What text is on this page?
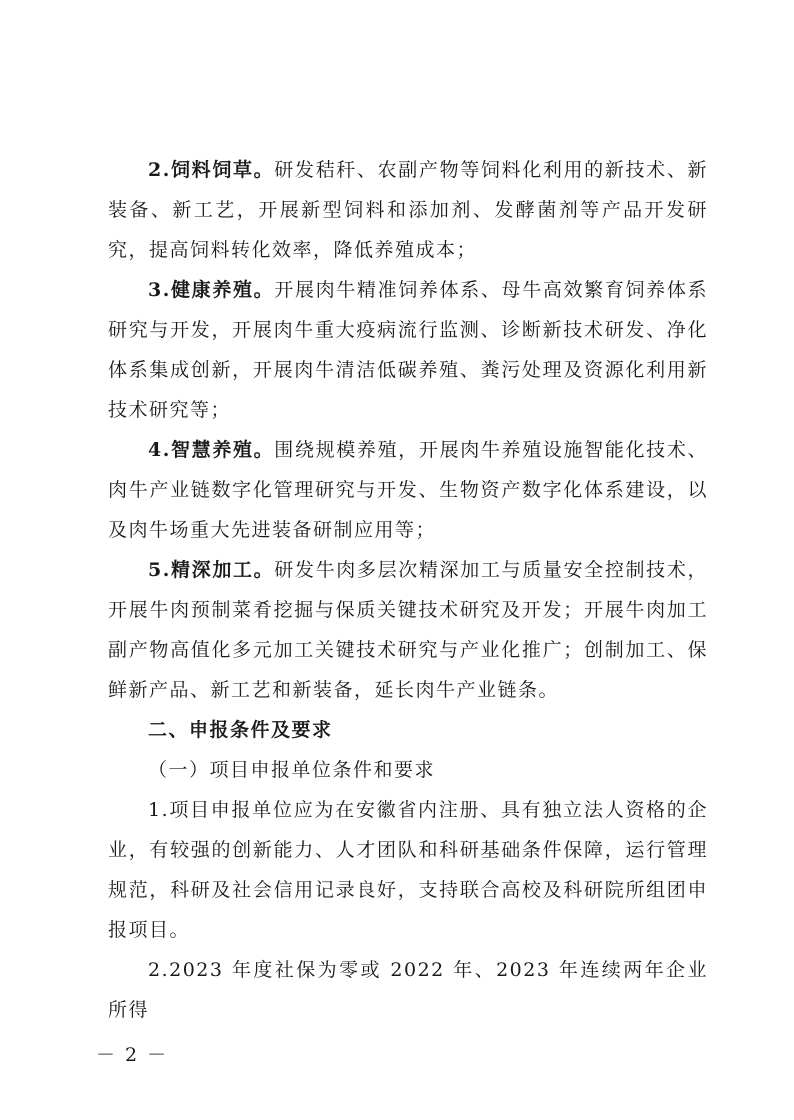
2.饲料饲草。研发秸秆、农副产物等饲料化利用的新技术、新装备、新工艺，开展新型饲料和添加剂、发酵菌剂等产品开发研究，提高饲料转化效率，降低养殖成本；

3.健康养殖。开展肉牛精准饲养体系、母牛高效繁育饲养体系研究与开发，开展肉牛重大疫病流行监测、诊断新技术研发、净化体系集成创新，开展肉牛清洁低碳养殖、粪污处理及资源化利用新技术研究等；

4.智慧养殖。围绕规模养殖，开展肉牛养殖设施智能化技术、肉牛产业链数字化管理研究与开发、生物资产数字化体系建设，以及肉牛场重大先进装备研制应用等；

5.精深加工。研发牛肉多层次精深加工与质量安全控制技术，开展牛肉预制菜肴挖掘与保质关键技术研究及开发；开展牛肉加工副产物高值化多元加工关键技术研究与产业化推广；创制加工、保鲜新产品、新工艺和新装备，延长肉牛产业链条。

二、申报条件及要求

（一）项目申报单位条件和要求

1.项目申报单位应为在安徽省内注册、具有独立法人资格的企业，有较强的创新能力、人才团队和科研基础条件保障，运行管理规范，科研及社会信用记录良好，支持联合高校及科研院所组团申报项目。

2.2023 年度社保为零或 2022 年、2023 年连续两年企业所得

－ 2 －
